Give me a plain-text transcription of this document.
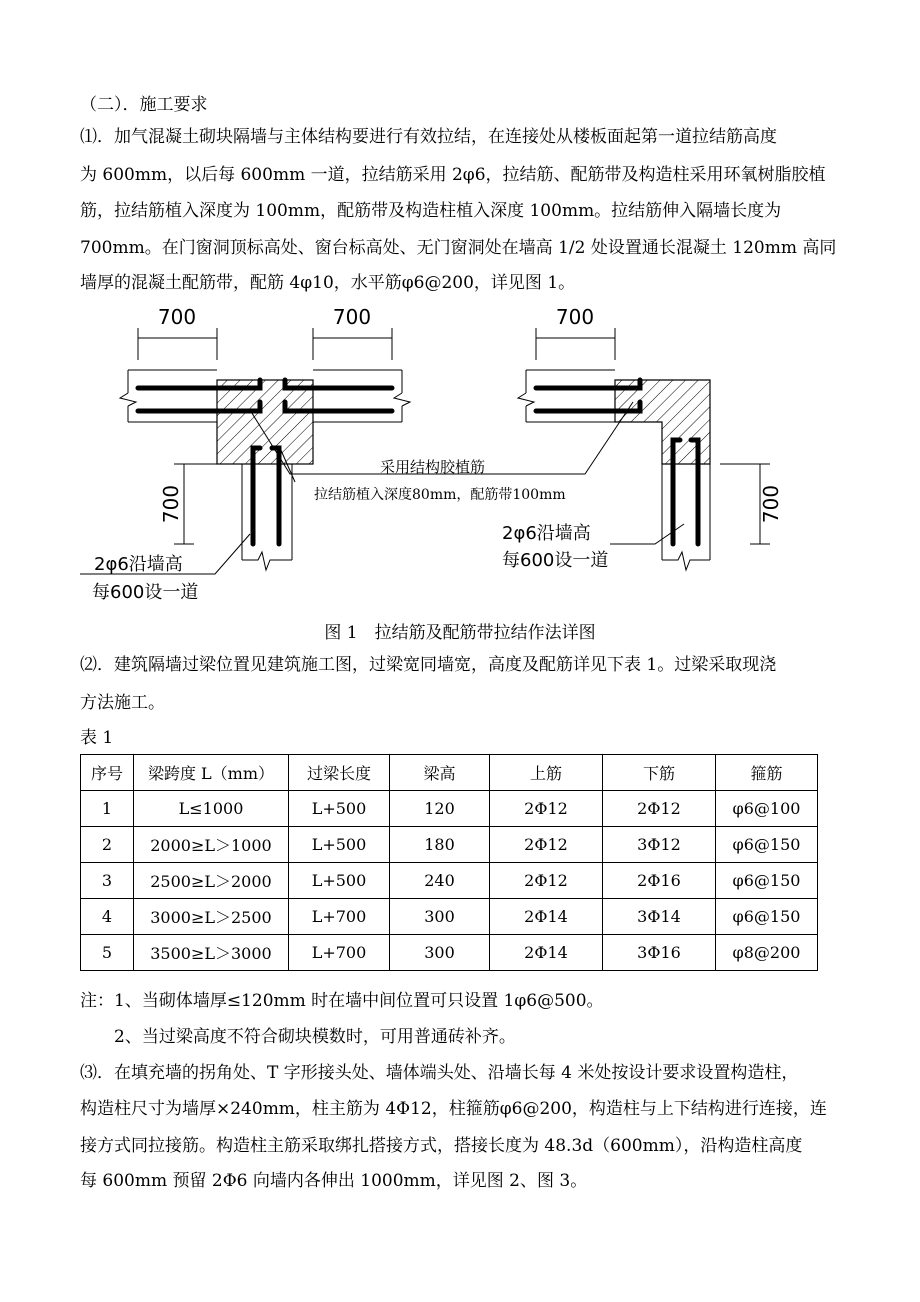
（二）．施工要求
⑴．加气混凝土砌块隔墙与主体结构要进行有效拉结，在连接处从楼板面起第一道拉结筋高度
为 600mm，以后每 600mm 一道，拉结筋采用 2φ6，拉结筋、配筋带及构造柱采用环氧树脂胶植
筋，拉结筋植入深度为 100mm，配筋带及构造柱植入深度 100mm。拉结筋伸入隔墙长度为
700mm。在门窗洞顶标高处、窗台标高处、无门窗洞处在墙高 1/2 处设置通长混凝土 120mm 高同
墙厚的混凝土配筋带，配筋 4φ10，水平筋φ6@200，详见图 1。
700	700	700
700	700
采用结构胶植筋
拉结筋植入深度80mm，配筋带100mm
2φ6沿墙高
每600设一道
2φ6沿墙高
每600设一道
图 1　拉结筋及配筋带拉结作法详图
⑵．建筑隔墙过梁位置见建筑施工图，过梁宽同墙宽，高度及配筋详见下表 1。过梁采取现浇
方法施工。
表 1
序号	梁跨度 L（mm）	过梁长度	梁高	上筋	下筋	箍筋
1	L≤1000	L+500	120	2Φ12	2Φ12	φ6@100
2	2000≥L＞1000	L+500	180	2Φ12	3Φ12	φ6@150
3	2500≥L＞2000	L+500	240	2Φ12	2Φ16	φ6@150
4	3000≥L＞2500	L+700	300	2Φ14	3Φ14	φ6@150
5	3500≥L＞3000	L+700	300	2Φ14	3Φ16	φ8@200
注：1、当砌体墙厚≤120mm 时在墙中间位置可只设置 1φ6@500。
　　2、当过梁高度不符合砌块模数时，可用普通砖补齐。
⑶．在填充墙的拐角处、T 字形接头处、墙体端头处、沿墙长每 4 米处按设计要求设置构造柱，
构造柱尺寸为墙厚×240mm，柱主筋为 4Φ12，柱箍筋φ6@200，构造柱与上下结构进行连接，连
接方式同拉接筋。构造柱主筋采取绑扎搭接方式，搭接长度为 48.3d（600mm），沿构造柱高度
每 600mm 预留 2Φ6 向墙内各伸出 1000mm，详见图 2、图 3。
